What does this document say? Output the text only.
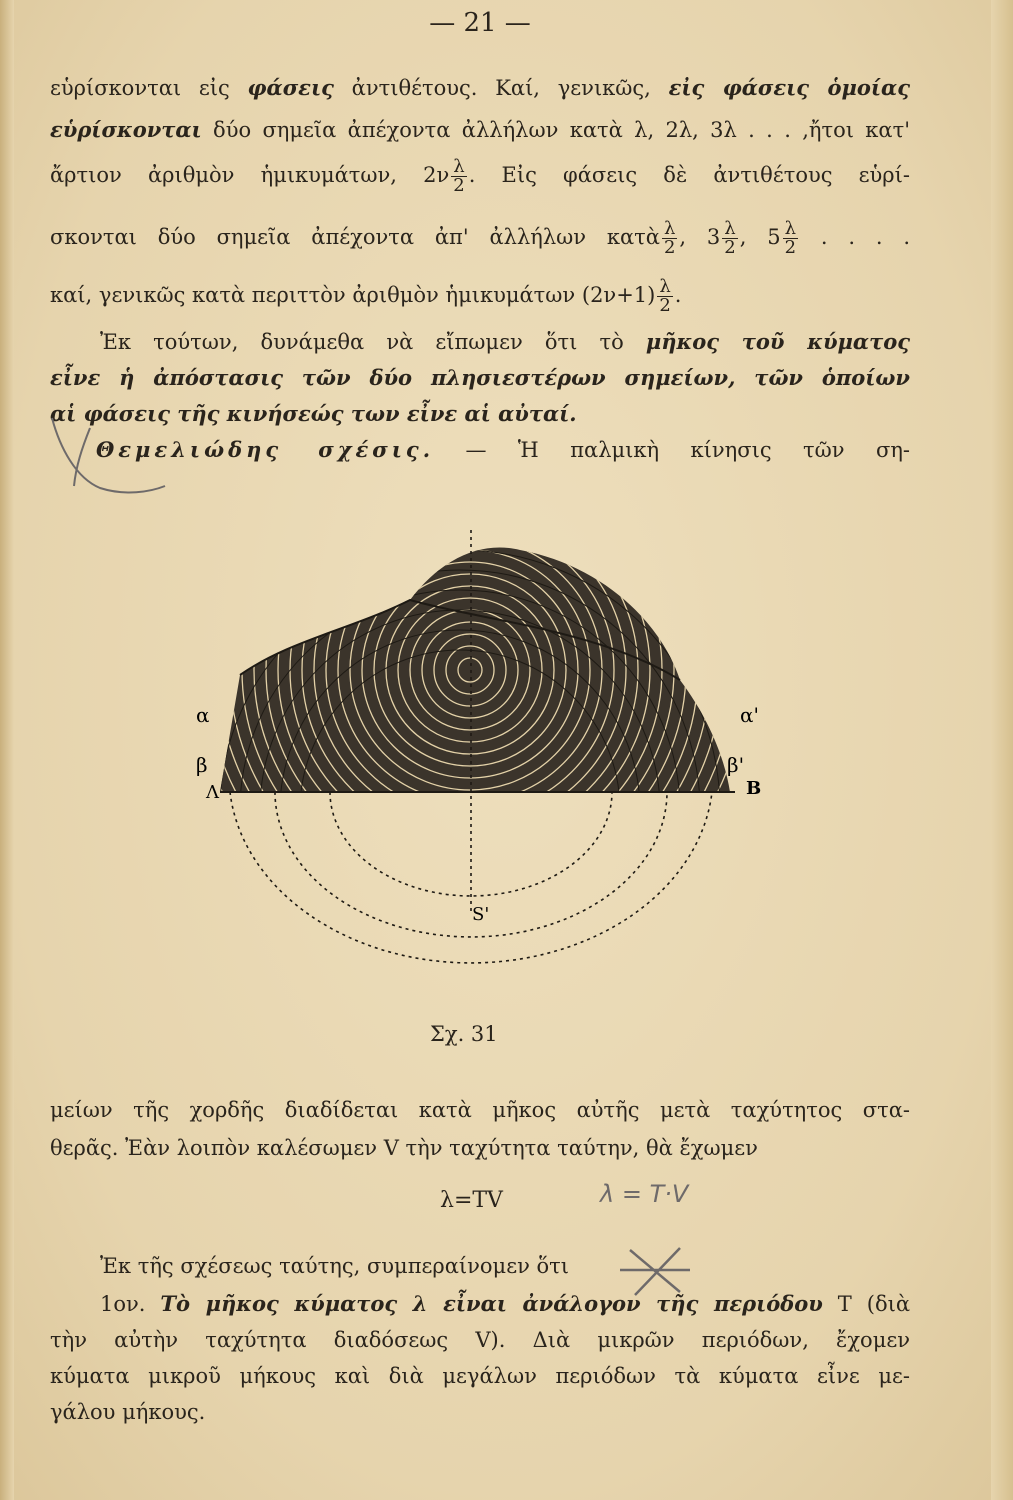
— 21 —
εὑρίσκονται εἰς φάσεις ἀντιθέτους. Καί, γενικῶς, εἰς φάσεις ὁμοίας
εὑρίσκονται δύο σημεῖα ἀπέχοντα ἀλλήλων κατὰ λ, 2λ, 3λ . . . ,ἤτοι κατ'
ἄρτιον ἀριθμὸν ἡμικυμάτων, $2\nu \frac{\lambda}{2}$ . Εἰς φάσεις δὲ ἀντιθέτους εὑρί-
σκονται δύο σημεῖα ἀπέχοντα ἀπ' ἀλλήλων κατὰ $\frac{\lambda}{2}$ , $3 \frac{\lambda}{2}$ , $5 \frac{\lambda}{2}$ . . . .
καί, γενικῶς κατὰ περιττὸν ἀριθμὸν ἡμικυμάτων $(2\nu+1) \frac{\lambda}{2}$ .
Ἐκ τούτων, δυνάμεθα νὰ εἴπωμεν ὅτι τὸ μῆκος τοῦ κύματος
εἶνε ἡ ἀπόστασις τῶν δύο πλησιεστέρων σημείων, τῶν ὁποίων
αἱ φάσεις τῆς κινήσεώς των εἶνε αἱ αὐταί.
Θεμελιώδης σχέσις. — Ἡ παλμικὴ κίνησις τῶν ση-
α	α'
β	β'
Λ	B
S'
Σχ. 31
μείων τῆς χορδῆς διαδίδεται κατὰ μῆκος αὐτῆς μετὰ ταχύτητος στα-
θερᾶς. Ἐὰν λοιπὸν καλέσωμεν V τὴν ταχύτητα ταύτην, θὰ ἔχωμεν
λ=TV	λ = T·V
Ἐκ τῆς σχέσεως ταύτης, συμπεραίνομεν ὅτι
1ον. Τὸ μῆκος κύματος λ εἶναι ἀνάλογον τῆς περιόδου T (διὰ
τὴν αὐτὴν ταχύτητα διαδόσεως V). Διὰ μικρῶν περιόδων, ἔχομεν
κύματα μικροῦ μήκους καὶ διὰ μεγάλων περιόδων τὰ κύματα εἶνε με-
γάλου μήκους.
